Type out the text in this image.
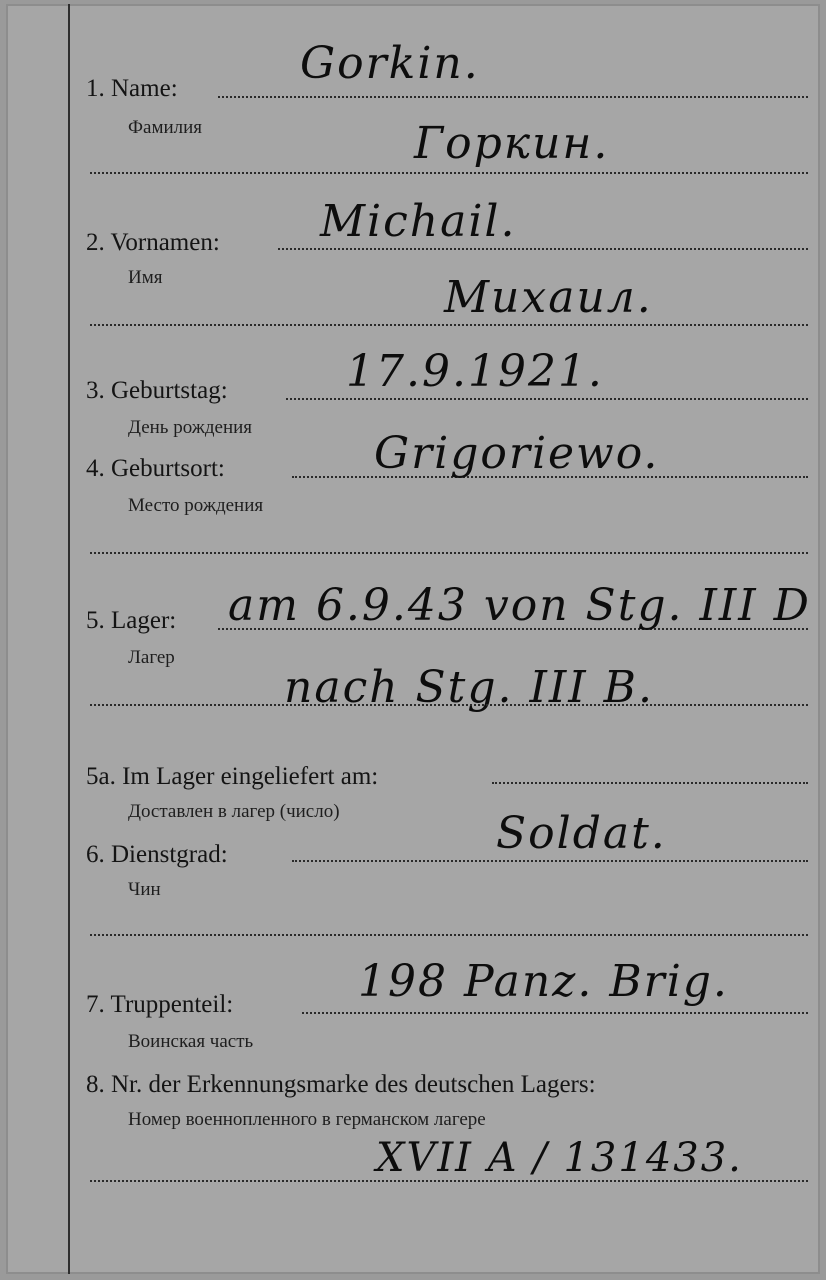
1. Name:
Фамилия
Gorkin.
Горкин.
2. Vornamen:
Имя
Michail.
Михаил.
3. Geburtstag:
День рождения
17.9.1921.
4. Geburtsort:
Место рождения
Grigoriewo.
5. Lager:
Лагер
am 6.9.43 von Stg. III D
nach Stg. III B.
5a. Im Lager eingeliefert am:
Доставлен в лагер (число)
6. Dienstgrad:
Чин
Soldat.
7. Truppenteil:
Воинская часть
198 Panz. Brig.
8. Nr. der Erkennungsmarke des deutschen Lagers:
Номер военнопленного в германском лагере
XVII A / 131433.
